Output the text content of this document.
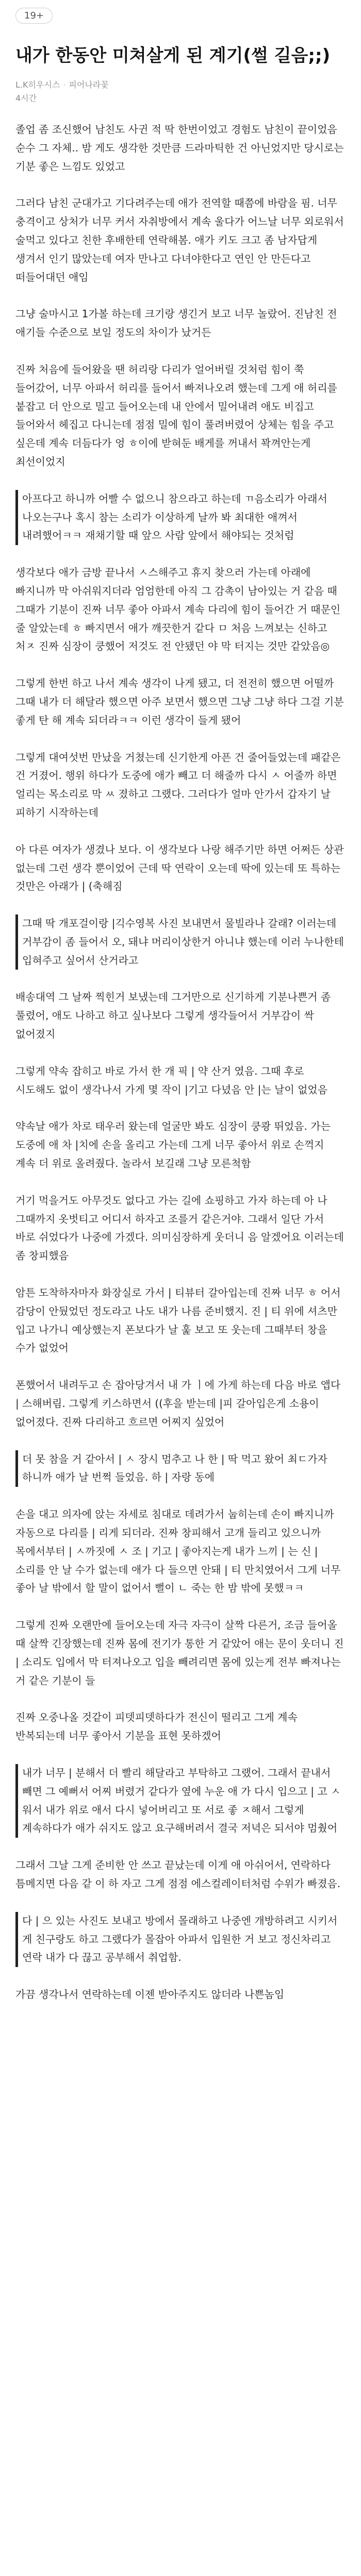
19+
내가 한동안 미쳐살게 된 계기(썰 길음;;)
L.K히우시스 · 피어나라꽃
4시간

졸업 좀 조신했어 남친도 사귄 적 딱 한번이었고 경험도 남친이 끝이었음 순수 그 자체.. 밤 게도 생각한 것만큼 드라마틱한 건 아닌었지만 당시로는 기분 좋은 느낌도 있었고

그러다 남친 군대가고 기다려주는데 애가 전역할 때쯤에 바람을 핌. 너무 충격이고 상처가 너무 커서 자취방에서 계속 울다가 어느날 너무 외로워서 술먹고 있다고 친한 후배한테 연락해봄. 애가 키도 크고 좀 남자답게 생겨서 인기 많았는데 여자 만나고 다녀야한다고 연인 안 만든다고 떠들어대던 애임

그냥 술마시고 1가볼 하는데 크기랑 생긴거 보고 너무 놀랐어. 진남친 전 애기들 수준으로 보일 정도의 차이가 났거든

진짜 처음에 들어왔을 땐 허리랑 다리가 얼어버릴 것처럼 힘이 쭉 들어갔어, 너무 아파서 허리를 들어서 빠져나오려 했는데 그게 애 허리를 붙잡고 더 안으로 밀고 들어오는데 내 안에서 밀어내려 애도 비집고 들어와서 헤집고 다니는데 점점 밀에 힘이 풀려버렸어 상체는 힘을 주고 싶은데 계속 더듬다가 엉 ㅎ이에 받혀둔 배게를 꺼내서 꽉껴안는게 최선이었지

아프다고 하니까 어빨 수 없으니 참으라고 하는데 ㄲ음소리가 아래서 나오는구나 혹시 참는 소리가 이상하게 날까 봐 최대한 애껴서 내려했어ㅋㅋ 재채기할 때 앞으 사람 앞에서 해야되는 것처럼

생각보다 애가 금방 끝나서 ㅅ스해주고 휴지 찾으러 가는데 아래에 빠지니까 막 아쉬워지더라 엄엄한데 아직 그 감촉이 남아있는 거 같음 때 그때가 기분이 진짜 너무 좋아 아파서 계속 다리에 힘이 들어간 거 때문인 줄 알았는데 ㅎ 빠지면서 애가 깨끗한거 같다 ㅁ 처음 느껴보는 신하고 처ㅈ 진짜 심장이 쿵했어 저것도 전 안됐던 야 막 터지는 것만 같았음◎

그렇게 한번 하고 나서 계속 생각이 나게 됐고, 더 전전히 했으면 어떨까 그때 내가 더 해달라 했으면 아주 보면서 했으면 그냥 그냥 하다 그걸 기분 좋게 탄 해 계속 되더라ㅋㅋ 이런 생각이 들게 됐어

그렇게 대여섯번 만났을 거쳤는데 신기한게 아픈 건 줄어들었는데 패같은 건 거졌어. 행위 하다가 도중에 애가 빼고 더 해줄까 다시 ㅅ 어줄까 하면 얼리는 목소리로 막 ㅆ 졌하고 그랬다. 그러다가 얼마 안가서 갑자기 날 피하기 시작하는데

아 다른 여자가 생겼나 보다. 이 생각보다 나랑 해주기만 하면 어쩌든 상관 없는데 그런 생각 뿐이었어 근데 딱 연락이 오는데 딱에 있는데 또 특하는 것만은 아래가 | (축해짐

그때 딱 개포걸이랑 |긱수영복 사진 보내면서 물빌라나 갈래? 이러는데 거부감이 좀 들어서 오, 돼냐 머리이상한거 아니냐 했는데 이러 누나한테 입혀주고 싶어서 산거라고

배송대역 그 날짜 찍힌거 보냈는데 그거만으로 신기하게 기분나쁜거 좀 풀렸어, 애도 나하고 하고 싶나보다 그렇게 생각들어서 거부감이 싹 없어졌지

그렇게 약속 잡히고 바로 가서 한 개 픽 | 약 산거 였음. 그때 후로 시도해도 없이 생각나서 가게 몇 작이 |기고 다녔음 안 |는 날이 없었음

약속날 애가 차로 태우러 왔는데 얼굴만 봐도 심장이 쿵쾅 뛰었음. 가는 도중에 애 차 |치에 손을 올리고 가는데 그게 너무 좋아서 위로 손꺽지 계속 더 위로 올려줬다. 놀라서 보길래 그냥 모른척함

거기 먹을거도 아무것도 없다고 가는 길에 쇼핑하고 가자 하는데 아 나 그때까지 옷벗티고 어디서 하자고 조를거 같은거야. 그래서 일단 가서 바로 쉬었다가 나중에 가겠다. 의미심장하게 웃더니 음 알겠어요 이러는데 좀 창피했음

암튼 도착하자마자 화장실로 가서 | 티뷰터 갈아입는데 진짜 너무 ㅎ 어서 감당이 안뒀었던 정도라고 나도 내가 나름 준비했지. 진 | 티 위에 셔츠만 입고 나가니 예상했는지 폰보다가 날 훑 보고 또 웃는데 그때부터 창을 수가 없었어

폰했어서 내려두고 손 잡아당겨서 내 가 ㅣ에 가게 하는데 다음 바로 앱다 | 스해버림. 그렇게 키스하면서 ((후을 받는데 |피 갈아입은게 소용이 없어졌다. 진짜 다리하고 흐르면 어찌지 싶었어

더 못 참을 거 같아서 | ㅅ 장시 멈추고 나 한 | 딱 먹고 왔어 최ㄷ가자 하니까 애가 날 번쩍 들었음. 하 | 자랑 동에

손을 대고 의자에 앉는 자세로 침대로 데려가서 눕히는데 손이 빠지니까 자동으로 다리를 | 리게 되더라. 진짜 창피해서 고개 들리고 있으니까 목에서부터 | ㅅ까짓에 ㅅ 조 | 기고 | 좋아지는게 내가 느끼 | 는 신 | 소리를 안 날 수가 없는데 애가 다 들으면 안돼 | 티 만치였어서 그게 너무 좋아 날 밖에서 할 말이 없어서 뻘이 ㄴ 죽는 한 밤 밖에 못했ㅋㅋ

그렇게 진짜 오랜만에 들어오는데 자극 자극이 살짝 다른거, 조금 들어올 때 살짝 긴장했는데 진짜 몸에 전기가 통한 거 같았어 애는 문이 웃더니 진 | 소리도 입에서 막 터져나오고 입을 빼려리면 몸에 있는게 전부 빠져나는 거 같은 기분이 들

진짜 오중나올 것같이 피뎃피뎃하다가 전신이 떨리고 그게 계속 반복되는데 너무 좋아서 기분을 표현 못하겠어

내가 너무 | 분해서 더 빨리 해달라고 부탁하고 그랬어. 그래서 끝내서 빼면 그 예뻐서 어찌 버렸거 같다가 옆에 누운 애 가 다시 입으고 | 고 ㅅ 워서 내가 위로 애서 다시 넣어버리고 또 서로 좋 ㅈ해서 그렇게 계속하다가 애가 쉬지도 않고 요구해버려서 결국 저녁은 되서야 멈췄어

그래서 그날 그게 준비한 안 쓰고 끝났는데 이게 애 아쉬어서, 연락하다 틈메지면 다음 같 이 하 자고 그게 점점 에스컬레이터처럼 수위가 빠졌음.

다 | 으 있는 사진도 보내고 방에서 몰래하고 나중엔 개방하려고 시키서 게 친구랑도 하고 그랬다가 몰잡아 아파서 입원한 거 보고 정신차리고 연락 내가 다 끊고 공부해서 취업함.

가끔 생각나서 연락하는데 이젠 받아주지도 않더라 나쁜놈임
